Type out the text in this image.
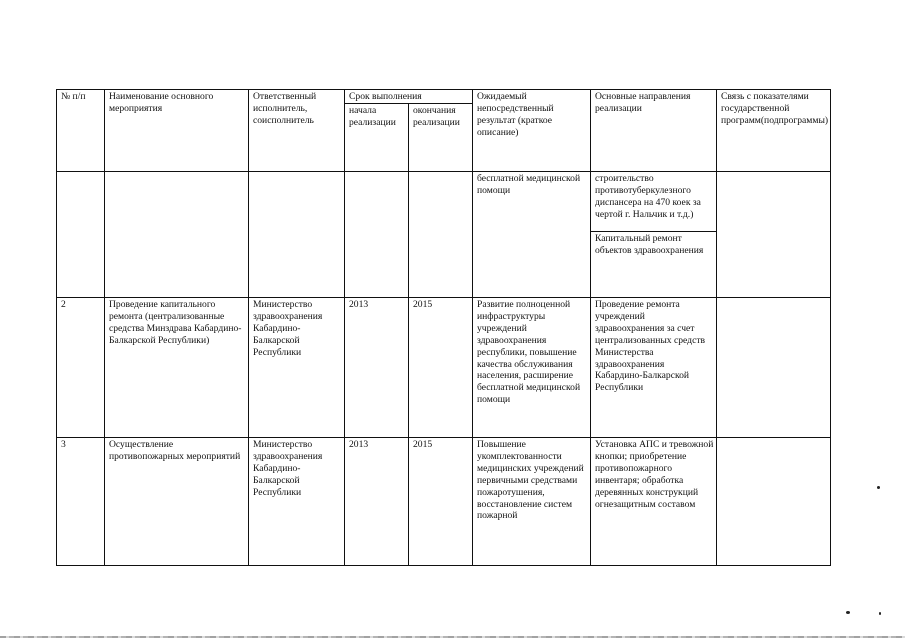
№ п/п	Наименование основного мероприятия	Ответственный исполнитель, соисполнитель	Срок выполнения		Ожидаемый непосредственный результат (краткое описание)	Основные направления реализации	Связь с показателями государственной программ(подпрограммы)
			начала реализации	окончания реализации			
					бесплатной медицинской помощи	строительство противотуберкулезного диспансера на 470 коек за чертой г. Нальчик и т.д.)	
						Капитальный ремонт объектов здравоохранения	
2	Проведение капитального ремонта (централизованные средства Минздрава Кабардино-Балкарской Республики)	Министерство здравоохранения Кабардино-Балкарской Республики	2013	2015	Развитие полноценной инфраструктуры учреждений здравоохранения республики, повышение качества обслуживания населения, расширение бесплатной медицинской помощи	Проведение ремонта учреждений здравоохранения за счет централизованных средств Министерства здравоохранения Кабардино-Балкарской Республики	
3	Осуществление противопожарных мероприятий	Министерство здравоохранения Кабардино-Балкарской Республики	2013	2015	Повышение укомплектованности медицинских учреждений первичными средствами пожаротушения, восстановление систем пожарной	Установка АПС и тревожной кнопки; приобретение противопожарного инвентаря; обработка деревянных конструкций огнезащитным составом	
